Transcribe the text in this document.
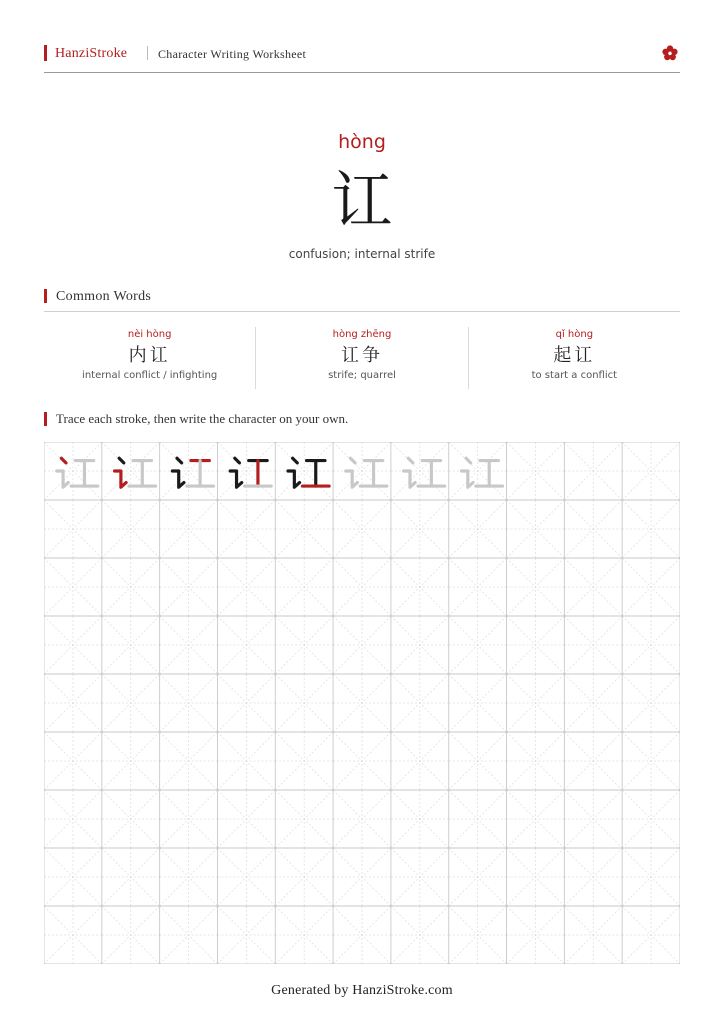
HanziStroke	Character Writing Worksheet
hòng
讧
confusion; internal strife
Common Words
nèi hòng
内讧
internal conflict / infighting
hòng zhēng
讧争
strife; quarrel
qǐ hòng
起讧
to start a conflict
Trace each stroke, then write the character on your own.
Generated by HanziStroke.com
